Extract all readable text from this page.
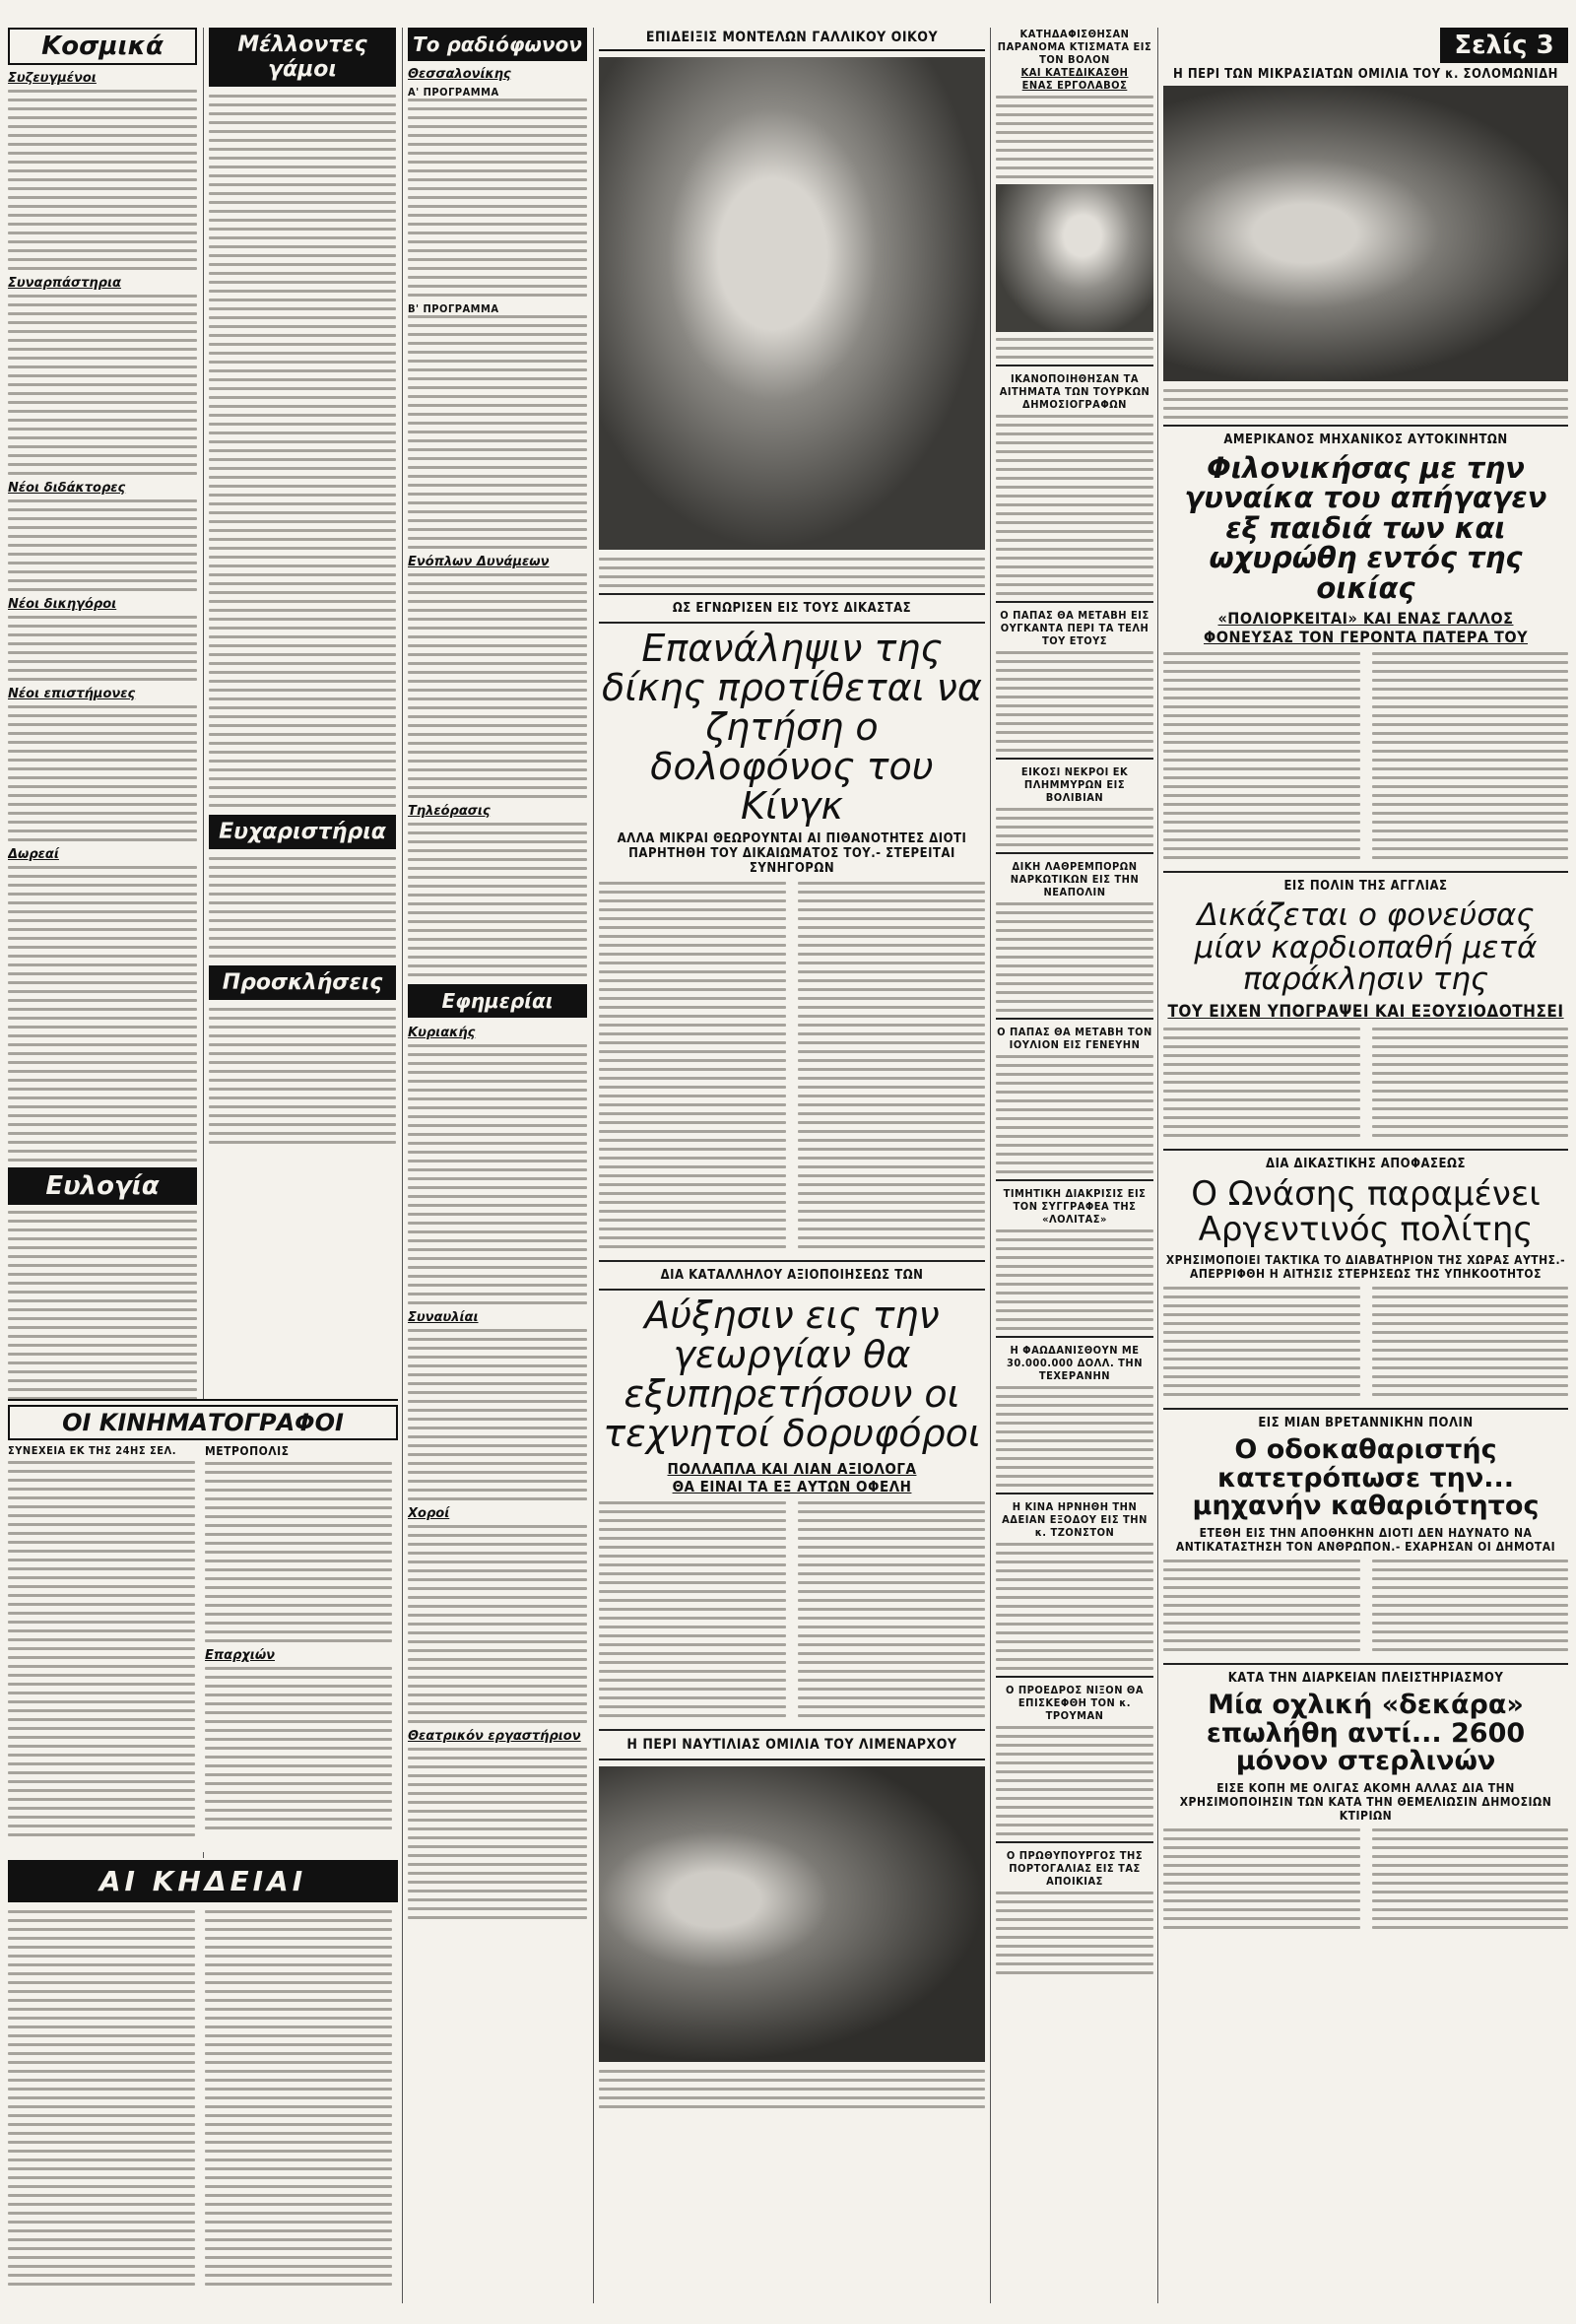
Κοσμικά
Συζευγμένοι
Συναρπάστηρια
Νέοι διδάκτορες
Νέοι δικηγόροι
Νέοι επιστήμονες
Δωρεαί
Ευλογία
ΟΙ ΚΙΝΗΜΑΤΟΓΡΑΦΟΙ
ΣΥΝΕΧΕΙΑ ΕΚ ΤΗΣ 24ΗΣ ΣΕΛ.	ΜΕΤΡΟΠΟΛΙΣ
Επαρχιών
ΑΙ ΚΗΔΕΙΑΙ
Μέλλοντες γάμοι
Ευχαριστήρια
Προσκλήσεις
Το ραδιόφωνον
Θεσσαλονίκης
Α' ΠΡΟΓΡΑΜΜΑ
Β' ΠΡΟΓΡΑΜΜΑ
Ενόπλων Δυνάμεων
Τηλεόρασις
Εφημερίαι
Κυριακής
Συναυλίαι
Χοροί
Θεατρικόν εργαστήριον
ΕΠΙΔΕΙΞΙΣ ΜΟΝΤΕΛΩΝ ΓΑΛΛΙΚΟΥ ΟΙΚΟΥ
ΩΣ ΕΓΝΩΡΙΣΕΝ ΕΙΣ ΤΟΥΣ ΔΙΚΑΣΤΑΣ
Επανάληψιν της δίκης προτίθεται να ζητήση ο δολοφόνος του Κίνγκ
ΑΛΛΑ ΜΙΚΡΑΙ ΘΕΩΡΟΥΝΤΑΙ ΑΙ ΠΙΘΑΝΟΤΗΤΕΣ ΔΙΟΤΙ ΠΑΡΗΤΗΘΗ ΤΟΥ ΔΙΚΑΙΩΜΑΤΟΣ ΤΟΥ.- ΣΤΕΡΕΙΤΑΙ ΣΥΝΗΓΟΡΩΝ
ΔΙΑ ΚΑΤΑΛΛΗΛΟΥ ΑΞΙΟΠΟΙΗΣΕΩΣ ΤΩΝ
Αύξησιν εις την γεωργίαν θα εξυπηρετήσουν οι τεχνητοί δορυφόροι
ΠΟΛΛΑΠΛΑ ΚΑΙ ΛΙΑΝ ΑΞΙΟΛΟΓΑ
ΘΑ ΕΙΝΑΙ ΤΑ ΕΞ ΑΥΤΩΝ ΟΦΕΛΗ
Η ΠΕΡΙ ΝΑΥΤΙΛΙΑΣ ΟΜΙΛΙΑ ΤΟΥ ΛΙΜΕΝΑΡΧΟΥ
ΚΑΤΗΔΑΦΙΣΘΗΣΑΝ ΠΑΡΑΝΟΜΑ ΚΤΙΣΜΑΤΑ ΕΙΣ ΤΟΝ ΒΟΛΟΝ
ΚΑΙ ΚΑΤΕΔΙΚΑΣΘΗ
ΕΝΑΣ ΕΡΓΟΛΑΒΟΣ
ΙΚΑΝΟΠΟΙΗΘΗΣΑΝ ΤΑ ΑΙΤΗΜΑΤΑ ΤΩΝ ΤΟΥΡΚΩΝ ΔΗΜΟΣΙΟΓΡΑΦΩΝ
Ο ΠΑΠΑΣ ΘΑ ΜΕΤΑΒΗ ΕΙΣ ΟΥΓΚΑΝΤΑ ΠΕΡΙ ΤΑ ΤΕΛΗ ΤΟΥ ΕΤΟΥΣ
ΕΙΚΟΣΙ ΝΕΚΡΟΙ ΕΚ ΠΛΗΜΜΥΡΩΝ ΕΙΣ ΒΟΛΙΒΙΑΝ
ΔΙΚΗ ΛΑΘΡΕΜΠΟΡΩΝ ΝΑΡΚΩΤΙΚΩΝ ΕΙΣ ΤΗΝ ΝΕΑΠΟΛΙΝ
Ο ΠΑΠΑΣ ΘΑ ΜΕΤΑΒΗ ΤΟΝ ΙΟΥΛΙΟΝ ΕΙΣ ΓΕΝΕΥΗΝ
ΤΙΜΗΤΙΚΗ ΔΙΑΚΡΙΣΙΣ ΕΙΣ ΤΟΝ ΣΥΓΓΡΑΦΕΑ ΤΗΣ «ΛΟΛΙΤΑΣ»
Η ΦΑΩΔΑΝΙΣΘΟΥΝ ΜΕ 30.000.000 ΔΟΛΛ. ΤΗΝ ΤΕΧΕΡΑΝΗΝ
Η ΚΙΝΑ ΗΡΝΗΘΗ ΤΗΝ ΑΔΕΙΑΝ ΕΞΟΔΟΥ ΕΙΣ ΤΗΝ κ. ΤΖΟΝΣΤΟΝ
Ο ΠΡΟΕΔΡΟΣ ΝΙΞΟΝ ΘΑ ΕΠΙΣΚΕΦΘΗ ΤΟΝ κ. ΤΡΟΥΜΑΝ
Ο ΠΡΩΘΥΠΟΥΡΓΟΣ ΤΗΣ ΠΟΡΤΟΓΑΛΙΑΣ ΕΙΣ ΤΑΣ ΑΠΟΙΚΙΑΣ
Σελίς 3
Η ΠΕΡΙ ΤΩΝ ΜΙΚΡΑΣΙΑΤΩΝ ΟΜΙΛΙΑ ΤΟΥ κ. ΣΟΛΟΜΩΝΙΔΗ
ΑΜΕΡΙΚΑΝΟΣ ΜΗΧΑΝΙΚΟΣ ΑΥΤΟΚΙΝΗΤΩΝ
Φιλονικήσας με την γυναίκα του απήγαγεν εξ παιδιά των και ωχυρώθη εντός της οικίας
«ΠΟΛΙΟΡΚΕΙΤΑΙ» ΚΑΙ ΕΝΑΣ ΓΑΛΛΟΣ
ΦΟΝΕΥΣΑΣ ΤΟΝ ΓΕΡΟΝΤΑ ΠΑΤΕΡΑ ΤΟΥ
ΕΙΣ ΠΟΛΙΝ ΤΗΣ ΑΓΓΛΙΑΣ
Δικάζεται ο φονεύσας μίαν καρδιοπαθή μετά παράκλησιν της
ΤΟΥ ΕΙΧΕΝ ΥΠΟΓΡΑΨΕΙ ΚΑΙ ΕΞΟΥΣΙΟΔΟΤΗΣΕΙ
ΔΙΑ ΔΙΚΑΣΤΙΚΗΣ ΑΠΟΦΑΣΕΩΣ
Ο Ωνάσης παραμένει Αργεντινός πολίτης
ΧΡΗΣΙΜΟΠΟΙΕΙ ΤΑΚΤΙΚΑ ΤΟ ΔΙΑΒΑΤΗΡΙΟΝ ΤΗΣ ΧΩΡΑΣ ΑΥΤΗΣ.- ΑΠΕΡΡΙΦΘΗ Η ΑΙΤΗΣΙΣ ΣΤΕΡΗΣΕΩΣ ΤΗΣ ΥΠΗΚΟΟΤΗΤΟΣ
ΕΙΣ ΜΙΑΝ ΒΡΕΤΑΝΝΙΚΗΝ ΠΟΛΙΝ
Ο οδοκαθαριστής κατετρόπωσε την... μηχανήν καθαριότητος
ΕΤΕΘΗ ΕΙΣ ΤΗΝ ΑΠΟΘΗΚΗΝ ΔΙΟΤΙ ΔΕΝ ΗΔΥΝΑΤΟ ΝΑ ΑΝΤΙΚΑΤΑΣΤΗΣΗ ΤΟΝ ΑΝΘΡΩΠΟΝ.- ΕΧΑΡΗΣΑΝ ΟΙ ΔΗΜΟΤΑΙ
ΚΑΤΑ ΤΗΝ ΔΙΑΡΚΕΙΑΝ ΠΛΕΙΣΤΗΡΙΑΣΜΟΥ
Μία οχλική «δεκάρα» επωλήθη αντί... 2600 μόνον στερλινών
ΕΙΣΕ ΚΟΠΗ ΜΕ ΟΛΙΓΑΣ ΑΚΟΜΗ ΑΛΛΑΣ ΔΙΑ ΤΗΝ ΧΡΗΣΙΜΟΠΟΙΗΣΙΝ ΤΩΝ ΚΑΤΑ ΤΗΝ ΘΕΜΕΛΙΩΣΙΝ ΔΗΜΟΣΙΩΝ ΚΤΙΡΙΩΝ
